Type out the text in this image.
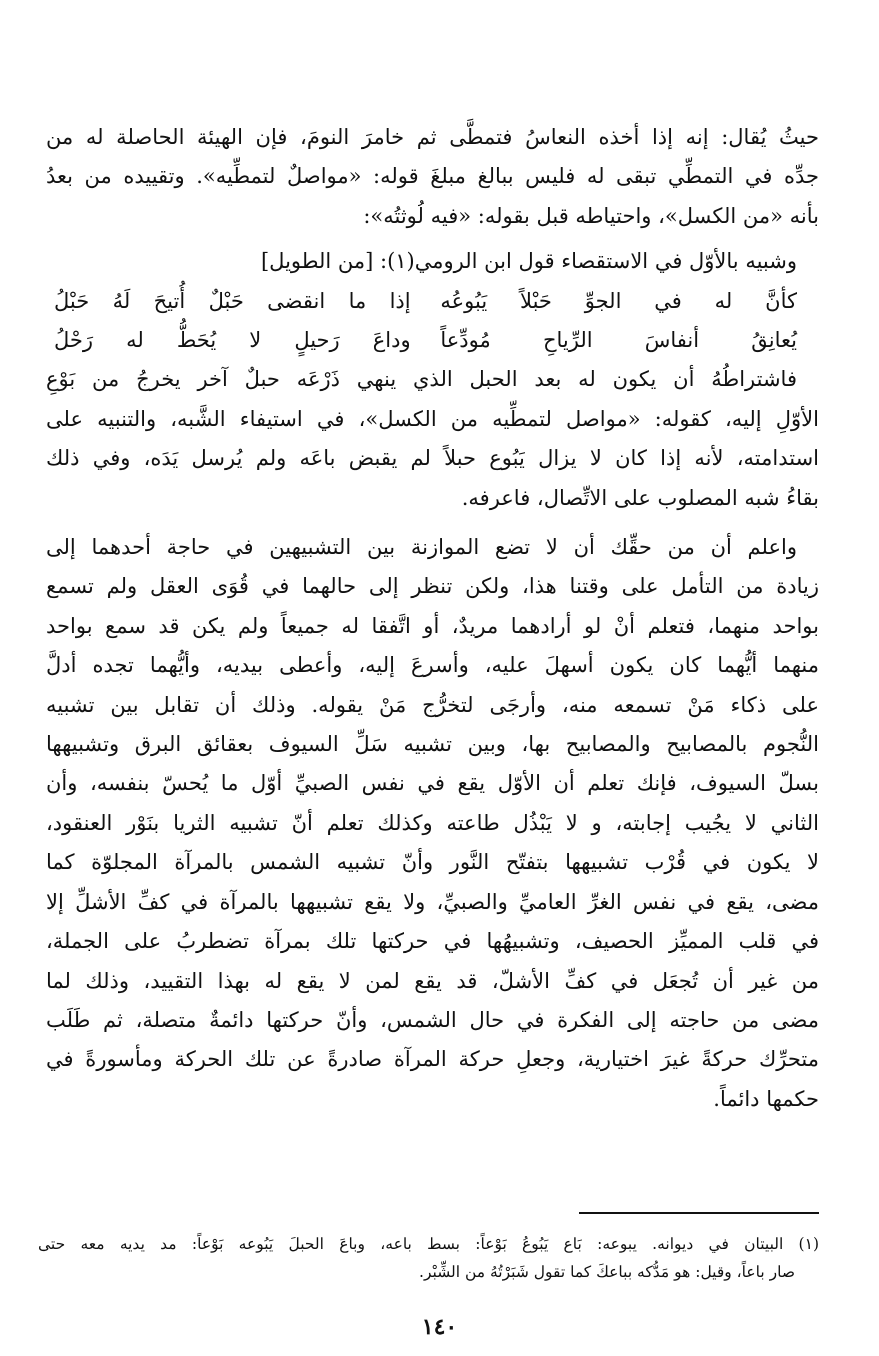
حيثُ يُقال: إنه إذا أخذه النعاسُ فتمطَّى ثم خامرَ النومَ، فإن الهيئة الحاصلة له من
جدِّه في التمطِّي تبقى له فليس ببالغ مبلغَ قوله: «مواصلٌ لتمطِّيه». وتقييده من بعدُ
بأنه «من الكسل»، واحتياطه قبل بقوله: «فيه لُوثتُه»:
وشبيه بالأوّل في الاستقصاء قول ابن الرومي(١): [من الطويل]
كأنَّ له في الجوِّ حَبْلاً يَبُوعُه
إذا ما انقضى حَبْلٌ أُتيحَ لَهُ حَبْلُ
يُعانِقُ أنفاسَ الرِّياحِ مُودِّعاً
وداعَ رَحيلٍ لا يُحَطُّ له رَحْلُ
فاشتراطُهُ أن يكون له بعد الحبل الذي ينهي ذَرْعَه حبلٌ آخر يخرجُ من بَوْعِ
الأوّلِ إليه، كقوله: «مواصل لتمطِّيه من الكسل»، في استيفاء الشَّبه، والتنبيه على
استدامته، لأنه إذا كان لا يزال يَبُوع حبلاً لم يقبض باعَه ولم يُرسل يَدَه، وفي ذلك
بقاءُ شبه المصلوب على الاتِّصال، فاعرفه.
واعلم أن من حقِّك أن لا تضع الموازنة بين التشبيهين في حاجة أحدهما إلى
زيادة من التأمل على وقتنا هذا، ولكن تنظر إلى حالهما في قُوَى العقل ولم تسمع
بواحد منهما، فتعلم أنْ لو أرادهما مريدٌ، أو اتَّفقا له جميعاً ولم يكن قد سمع بواحد
منهما أيُّهما كان يكون أسهلَ عليه، وأسرعَ إليه، وأعطى بيديه، وأيُّهما تجده أدلَّ
على ذكاء مَنْ تسمعه منه، وأرجَى لتخرُّج مَنْ يقوله. وذلك أن تقابل بين تشبيه
النُّجوم بالمصابيح والمصابيح بها، وبين تشبيه سَلِّ السيوف بعقائق البرق وتشبيهها
بسلّ السيوف، فإنك تعلم أن الأوّل يقع في نفس الصبيِّ أوّل ما يُحسّ بنفسه، وأن
الثاني لا يجُيب إجابته، و لا يَبْذُل طاعته وكذلك تعلم أنّ تشبيه الثريا بنَوْر العنقود،
لا يكون في قُرْب تشبيهها بتفتّح النَّور وأنّ تشبيه الشمس بالمرآة المجلوّة كما
مضى، يقع في نفس الغرِّ العاميِّ والصبيِّ، ولا يقع تشبيهها بالمرآة في كفِّ الأشلِّ إلا
في قلب المميِّز الحصيف، وتشبيهُها في حركتها تلك بمرآة تضطربُ على الجملة،
من غير أن تُجعَل في كفِّ الأشلّ، قد يقع لمن لا يقع له بهذا التقييد، وذلك لما
مضى من حاجته إلى الفكرة في حال الشمس، وأنّ حركتها دائمةٌ متصلة، ثم طَلَب
متحرِّك حركةً غيرَ اختيارية، وجعلِ حركة المرآة صادرةً عن تلك الحركة ومأسورةً في
حكمها دائماً.
(١) البيتان في ديوانه. يبوعه: بَاع يَبُوعُ بَوْعاً: بسط باعه، وباعَ الحبلَ يَبُوعه بَوْعاً: مد يديه معه حتى
صار باعاً، وقيل: هو مَدُّكه بباعكَ كما تقول شَبَرْتُهُ من الشِّبْر.
١٤٠
